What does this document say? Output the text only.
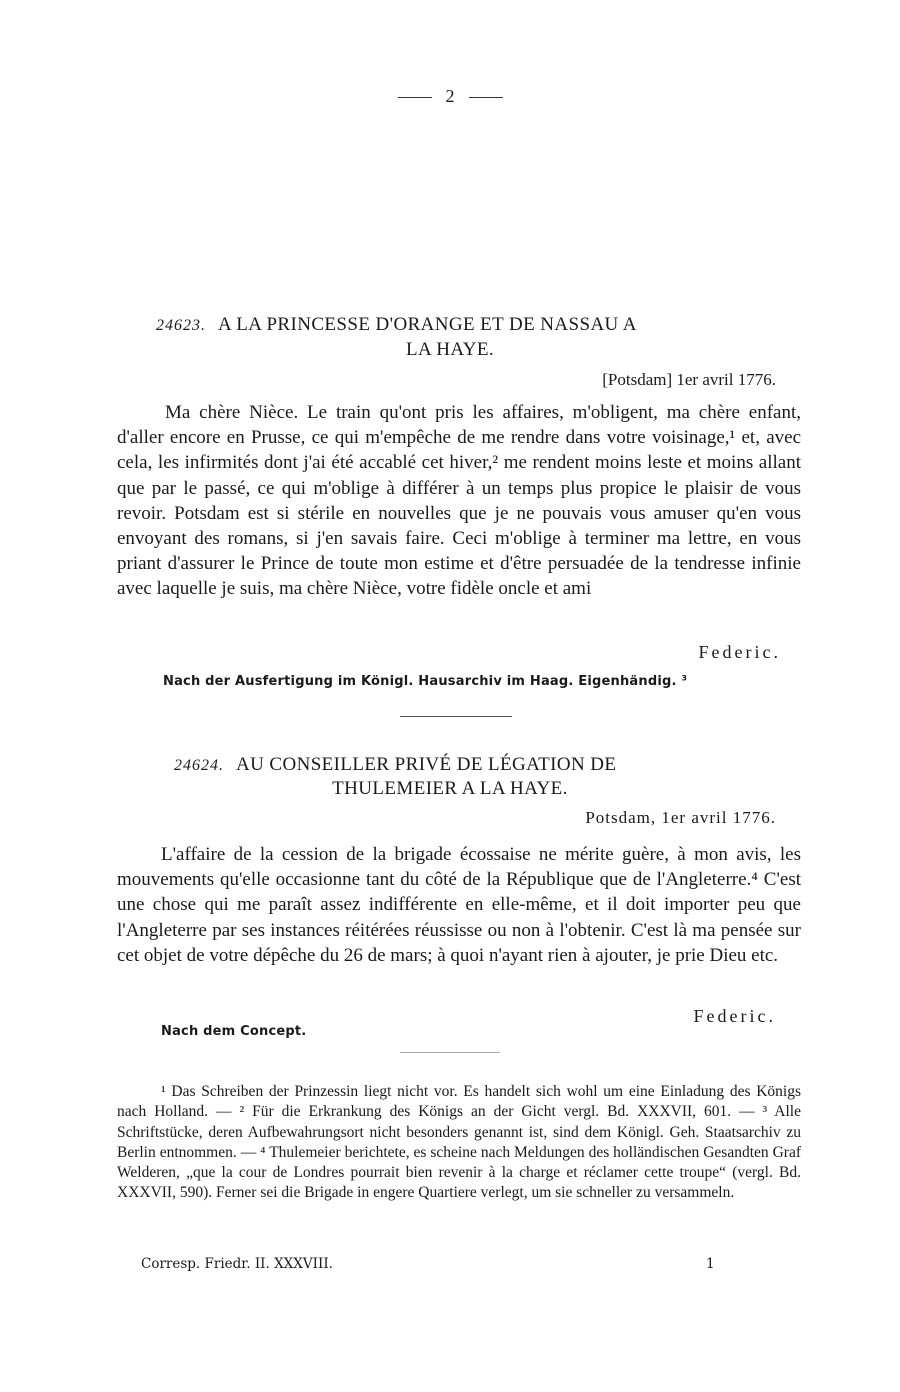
2
24623. A LA PRINCESSE D'ORANGE ET DE NASSAU A
LA HAYE.
[Potsdam] 1er avril 1776.

Ma chère Nièce. Le train qu'ont pris les affaires, m'obligent, ma chère enfant, d'aller encore en Prusse, ce qui m'empêche de me rendre dans votre voisinage,¹ et, avec cela, les infirmités dont j'ai été accablé cet hiver,² me rendent moins leste et moins allant que par le passé, ce qui m'oblige à différer à un temps plus propice le plaisir de vous revoir. Potsdam est si stérile en nouvelles que je ne pouvais vous amuser qu'en vous envoyant des romans, si j'en savais faire. Ceci m'oblige à terminer ma lettre, en vous priant d'assurer le Prince de toute mon estime et d'être persuadée de la tendresse infinie avec laquelle je suis, ma chère Nièce, votre fidèle oncle et ami

Federic.
Nach der Ausfertigung im Königl. Hausarchiv im Haag. Eigenhändig. ³
24624. AU CONSEILLER PRIVÉ DE LÉGATION DE
THULEMEIER A LA HAYE.
Potsdam, 1er avril 1776.

L'affaire de la cession de la brigade écossaise ne mérite guère, à mon avis, les mouvements qu'elle occasionne tant du côté de la République que de l'Angleterre.⁴ C'est une chose qui me paraît assez indifférente en elle-même, et il doit importer peu que l'Angleterre par ses instances réitérées réussisse ou non à l'obtenir. C'est là ma pensée sur cet objet de votre dépêche du 26 de mars; à quoi n'ayant rien à ajouter, je prie Dieu etc.

Federic.
Nach dem Concept.

¹ Das Schreiben der Prinzessin liegt nicht vor. Es handelt sich wohl um eine Einladung des Königs nach Holland. — ² Für die Erkrankung des Königs an der Gicht vergl. Bd. XXXVII, 601. — ³ Alle Schriftstücke, deren Aufbewahrungsort nicht besonders genannt ist, sind dem Königl. Geh. Staatsarchiv zu Berlin entnommen. — ⁴ Thulemeier berichtete, es scheine nach Meldungen des holländischen Gesandten Graf Welderen, „que la cour de Londres pourrait bien revenir à la charge et réclamer cette troupe“ (vergl. Bd. XXXVII, 590). Ferner sei die Brigade in engere Quartiere verlegt, um sie schneller zu versammeln.

Corresp. Friedr. II. XXXVIII.	1
